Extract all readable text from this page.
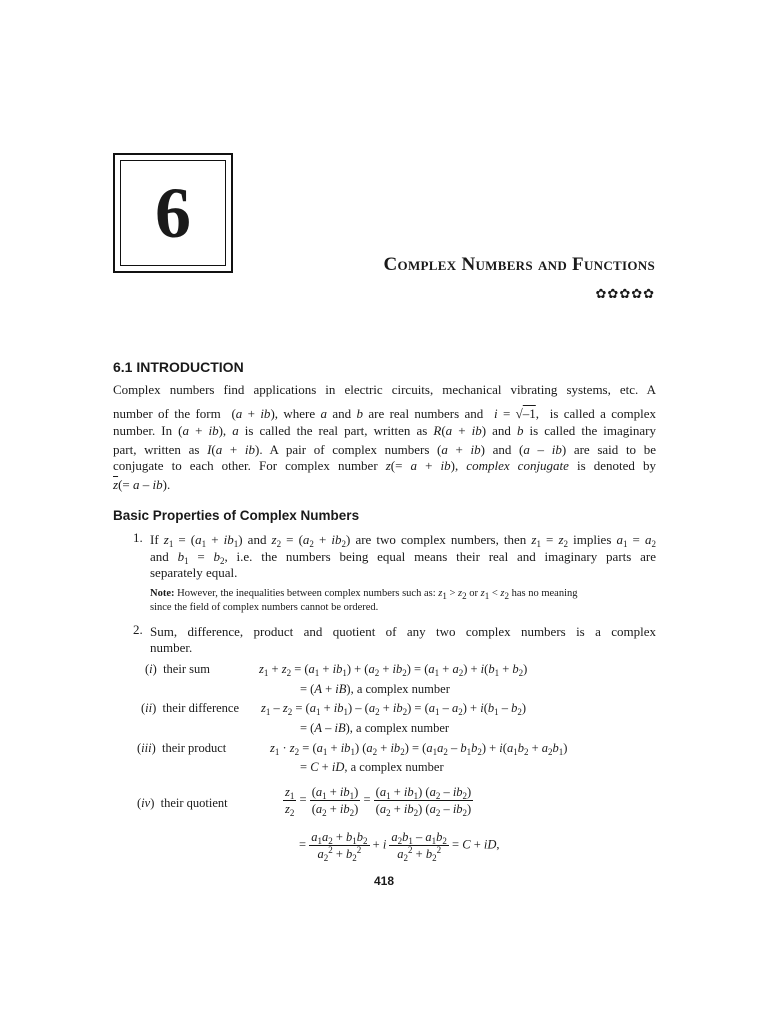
6
Complex Numbers and Functions
✿✿✿✿✿
6.1 INTRODUCTION
Complex numbers find applications in electric circuits, mechanical vibrating systems, etc. A
number of the form  (a + ib), where a and b are real numbers and i = √–1,  is called a complex
number. In (a + ib), a is called the real part, written as R(a + ib) and b is called the imaginary
part, written as I(a + ib). A pair of complex numbers (a + ib) and (a – ib) are said to be
conjugate to each other. For complex number z(= a + ib), complex conjugate is denoted by
$\overline{z}(= a - ib)$.
Basic Properties of Complex Numbers
1. If $z_1 = (a_1 + ib_1)$ and $z_2 = (a_2 + ib_2)$ are two complex numbers, then $z_1 = z_2$ implies $a_1 = a_2$
and $b_1 = b_2$, i.e. the numbers being equal means their real and imaginary parts are
separately equal.
Note: However, the inequalities between complex numbers such as: $z_1 > z_2$ or $z_1 < z_2$ has no meaning
since the field of complex numbers cannot be ordered.
2. Sum, difference, product and quotient of any two complex numbers is a complex
number.
(i)  their sum	$z_1 + z_2 = (a_1 + ib_1) + (a_2 + ib_2) = (a_1 + a_2) + i(b_1 + b_2)$
= (A + iB), a complex number
(ii)  their difference $z_1 - z_2 = (a_1 + ib_1) - (a_2 + ib_2) = (a_1 - a_2) + i(b_1 - b_2)$
= (A – iB), a complex number
(iii)  their product	$z_1 \cdot z_2 = (a_1 + ib_1) (a_2 + ib_2) = (a_1a_2 - b_1b_2) + i(a_1b_2 + a_2b_1)$
= C + iD, a complex number
(iv)  their quotient	$\frac{z_1}{z_2} = \frac{(a_1 + ib_1)}{(a_2 + ib_2)} = \frac{(a_1 + ib_1) (a_2 - ib_2)}{(a_2 + ib_2) (a_2 - ib_2)}$
= $\frac{a_1a_2 + b_1b_2}{a_2^2 + b_2^2} + i \frac{a_2b_1 - a_1b_2}{a_2^2 + b_2^2} = C$ + iD,
418
